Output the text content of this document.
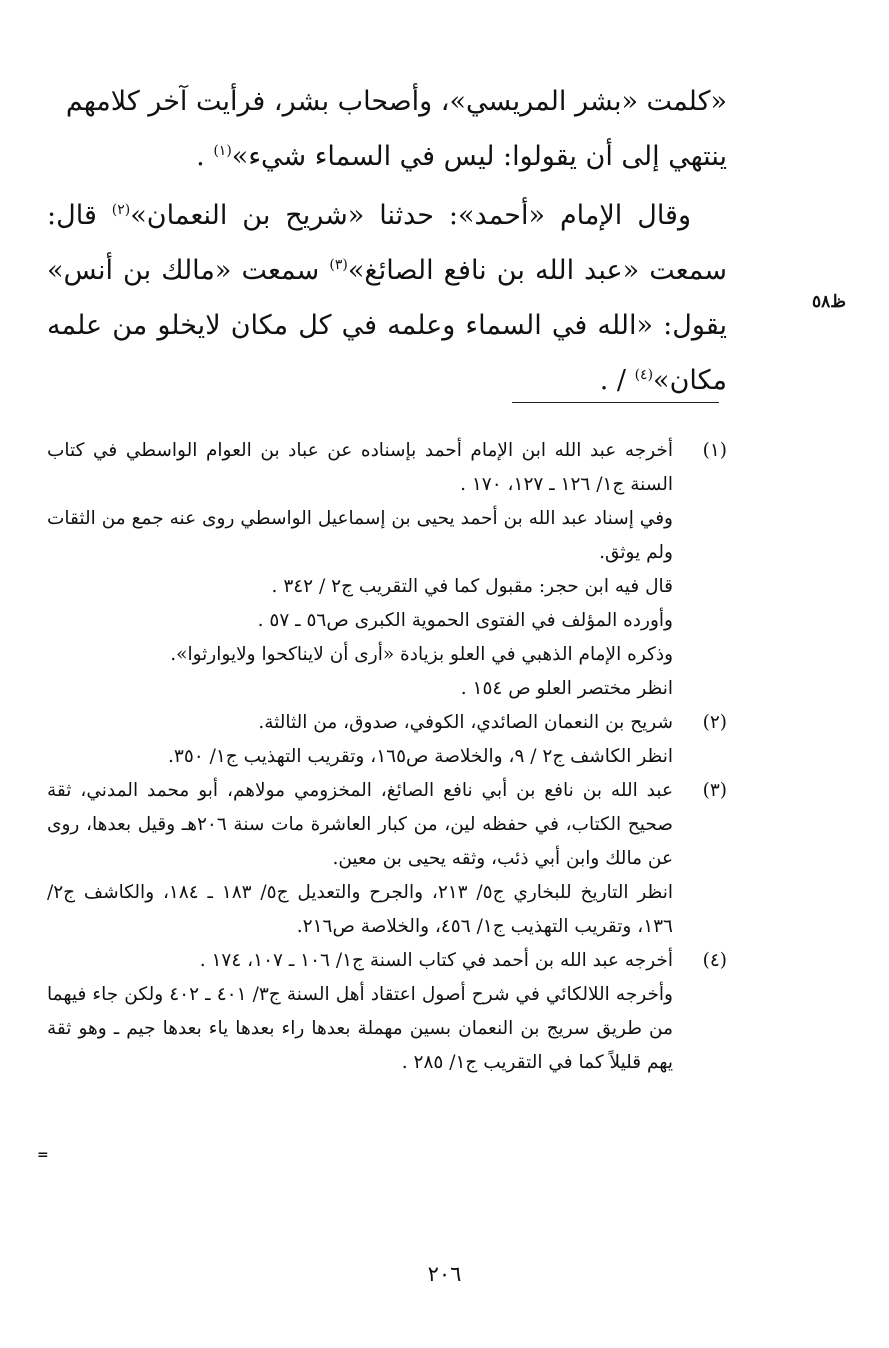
«كلمت «بشر المريسي»، وأصحاب بشر، فرأيت آخر كلامهم
ينتهي إلى أن يقولوا: ليس في السماء شيء»$^{(١)}$ .

وقال الإمام «أحمد»: حدثنا «شريح بن النعمان»$^{(٢)}$ قال: سمعت «عبد الله بن نافع الصائغ»$^{(٣)}$ سمعت «مالك بن أنس» يقول: «الله في السماء وعلمه في كل مكان لايخلو من علمه مكان»$^{(٤)}$ / .

ظ٥٨
(١)
أخرجه عبد الله ابن الإمام أحمد بإسناده عن عباد بن العوام الواسطي في كتاب السنة ج١/ ١٢٦ ـ ١٢٧، ١٧٠ .
وفي إسناد عبد الله بن أحمد يحيى بن إسماعيل الواسطي روى عنه جمع من الثقات ولم يوثق.
قال فيه ابن حجر: مقبول كما في التقريب ج٢ / ٣٤٢ .
وأورده المؤلف في الفتوى الحموية الكبرى ص٥٦ ـ ٥٧ .
وذكره الإمام الذهبي في العلو بزيادة «أرى أن لايناكحوا ولايوارثوا».
انظر مختصر العلو ص ١٥٤ .
(٢)
شريح بن النعمان الصائدي، الكوفي، صدوق، من الثالثة.
انظر الكاشف ج٢ / ٩، والخلاصة ص١٦٥، وتقريب التهذيب ج١/ ٣٥٠.
(٣)
عبد الله بن نافع بن أبي نافع الصائغ، المخزومي مولاهم، أبو محمد المدني، ثقة صحيح الكتاب، في حفظه لين، من كبار العاشرة مات سنة ٢٠٦هـ وقيل بعدها، روى عن مالك وابن أبي ذئب، وثقه يحيى بن معين.
انظر التاريخ للبخاري ج٥/ ٢١٣، والجرح والتعديل ج٥/ ١٨٣ ـ ١٨٤، والكاشف ج٢/ ١٣٦، وتقريب التهذيب ج١/ ٤٥٦، والخلاصة ص٢١٦.
(٤)
أخرجه عبد الله بن أحمد في كتاب السنة ج١/ ١٠٦ ـ ١٠٧، ١٧٤ .
وأخرجه اللالكائي في شرح أصول اعتقاد أهل السنة ج٣/ ٤٠١ ـ ٤٠٢ ولكن جاء فيهما من طريق سريج بن النعمان بسين مهملة بعدها راء بعدها ياء بعدها جيم ـ وهو ثقة يهم قليلاً كما في التقريب ج١/ ٢٨٥ .
=
٢٠٦
